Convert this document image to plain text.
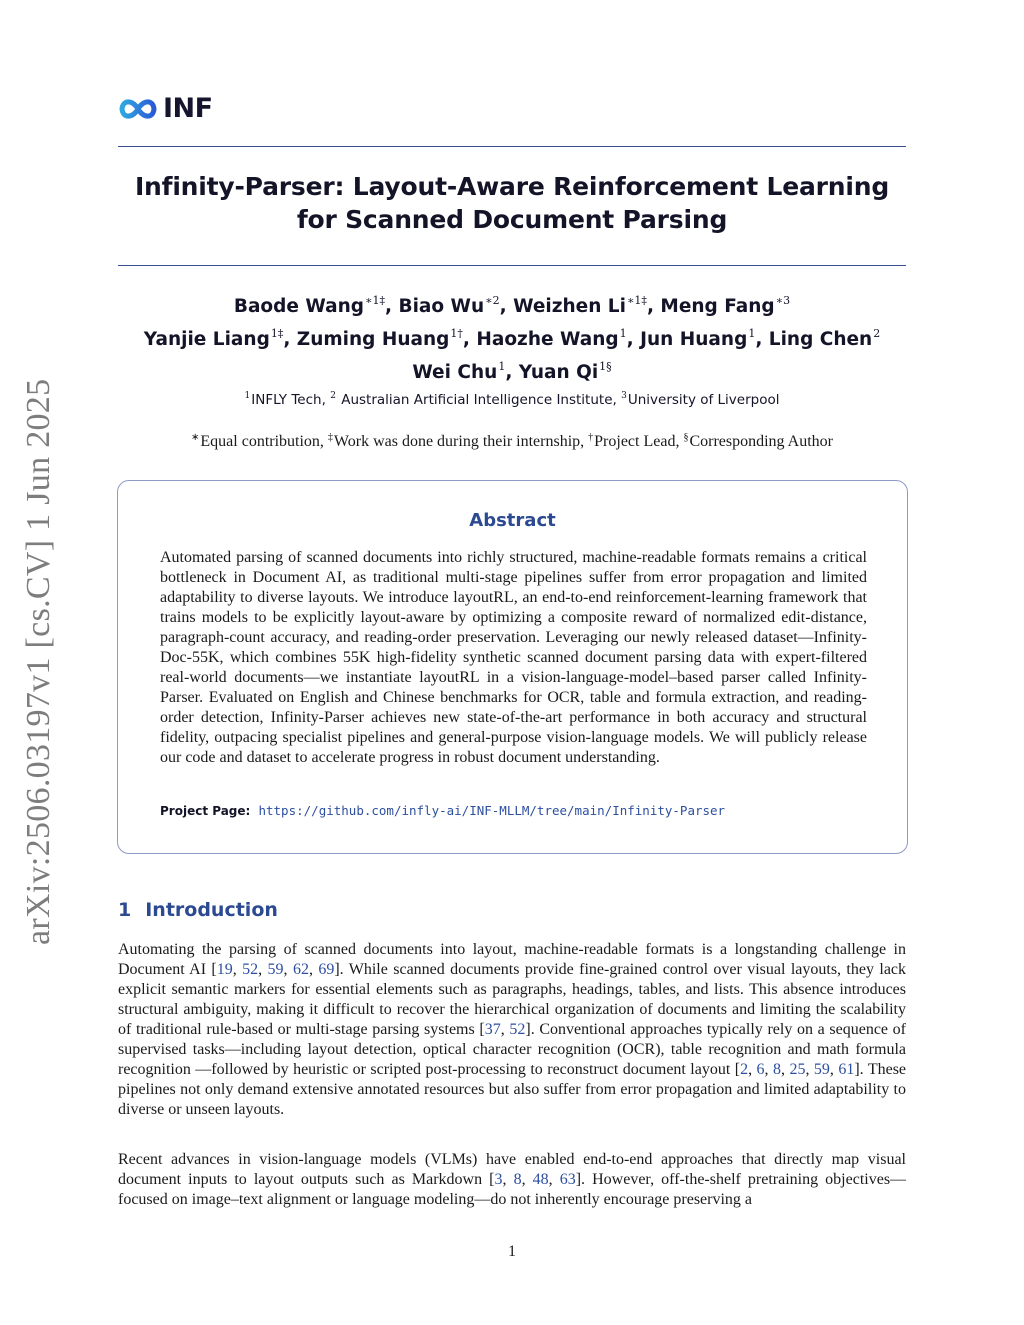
arXiv:2506.03197v1 [cs.CV] 1 Jun 2025
INF
Infinity-Parser: Layout-Aware Reinforcement Learning
for Scanned Document Parsing
Baode Wang$^{∗1\ddagger}$, Biao $Wu^{∗2}$, Weizhen $Li^{∗1\ddagger}$, Meng Fang$^{∗3}$
Yanjie Liang$^{1\ddagger}$, Zuming Huang$^{1\dagger}$, Haozhe Wang$^1$, Jun Huang$^1$, Ling Chen$^2$
Wei Chu$^1$, Yuan $Qi^{1\S}$
$^1$INFLY Tech, $^2$ Australian Artificial Intelligence Institute, $^3$University of Liverpool
∗Equal contribution, ‡Work was done during their internship, †Project Lead, §Corresponding Author
Abstract
Automated parsing of scanned documents into richly structured, machine-readable formats remains a critical bottleneck in Document AI, as traditional multi-stage pipelines suffer from error propagation and limited adaptability to diverse layouts. We introduce layoutRL, an end-to-end reinforcement-learning framework that trains models to be explicitly layout-aware by optimizing a composite reward of normalized edit-distance, paragraph-count accuracy, and reading-order preservation. Leveraging our newly released dataset—Infinity-Doc-55K, which combines 55K high-fidelity synthetic scanned document parsing data with expert-filtered real-world documents—we instantiate layoutRL in a vision-language-model–based parser called Infinity-Parser. Evaluated on English and Chinese benchmarks for OCR, table and formula extraction, and reading-order detection, Infinity-Parser achieves new state-of-the-art performance in both accuracy and structural fidelity, outpacing specialist pipelines and general-purpose vision-language models. We will publicly release our code and dataset to accelerate progress in robust document understanding.
Project Page: https://github.com/infly-ai/INF-MLLM/tree/main/Infinity-Parser
1 Introduction
Automating the parsing of scanned documents into layout, machine-readable formats is a longstanding challenge in Document AI [19, 52, 59, 62, 69]. While scanned documents provide fine-grained control over visual layouts, they lack explicit semantic markers for essential elements such as paragraphs, headings, tables, and lists. This absence introduces structural ambiguity, making it difficult to recover the hierarchical organization of documents and limiting the scalability of traditional rule-based or multi-stage parsing systems [37, 52]. Conventional approaches typically rely on a sequence of supervised tasks—including layout detection, optical character recognition (OCR), table recognition and math formula recognition —followed by heuristic or scripted post-processing to reconstruct document layout [2, 6, 8, 25, 59, 61]. These pipelines not only demand extensive annotated resources but also suffer from error propagation and limited adaptability to diverse or unseen layouts.
Recent advances in vision-language models (VLMs) have enabled end-to-end approaches that directly map visual document inputs to layout outputs such as Markdown [3, 8, 48, 63]. However, off-the-shelf pretraining objectives—focused on image–text alignment or language modeling—do not inherently encourage preserving a
1
